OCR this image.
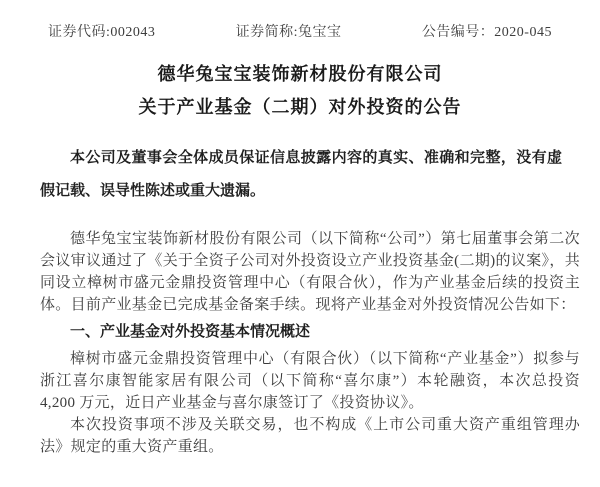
证券代码:002043	证券简称:兔宝宝	公告编号：2020-045
德华兔宝宝装饰新材股份有限公司
关于产业基金（二期）对外投资的公告

本公司及董事会全体成员保证信息披露内容的真实、准确和完整，没有虚假记载、误导性陈述或重大遗漏。

德华兔宝宝装饰新材股份有限公司（以下简称“公司”）第七届董事会第二次会议审议通过了《关于全资子公司对外投资设立产业投资基金(二期)的议案》，共同设立樟树市盛元金鼎投资管理中心（有限合伙），作为产业基金后续的投资主体。目前产业基金已完成基金备案手续。现将产业基金对外投资情况公告如下：

一、产业基金对外投资基本情况概述

樟树市盛元金鼎投资管理中心（有限合伙）（以下简称“产业基金”）拟参与浙江喜尔康智能家居有限公司（以下简称“喜尔康”）本轮融资，本次总投资 4,200 万元，近日产业基金与喜尔康签订了《投资协议》。

本次投资事项不涉及关联交易，也不构成《上市公司重大资产重组管理办法》规定的重大资产重组。
